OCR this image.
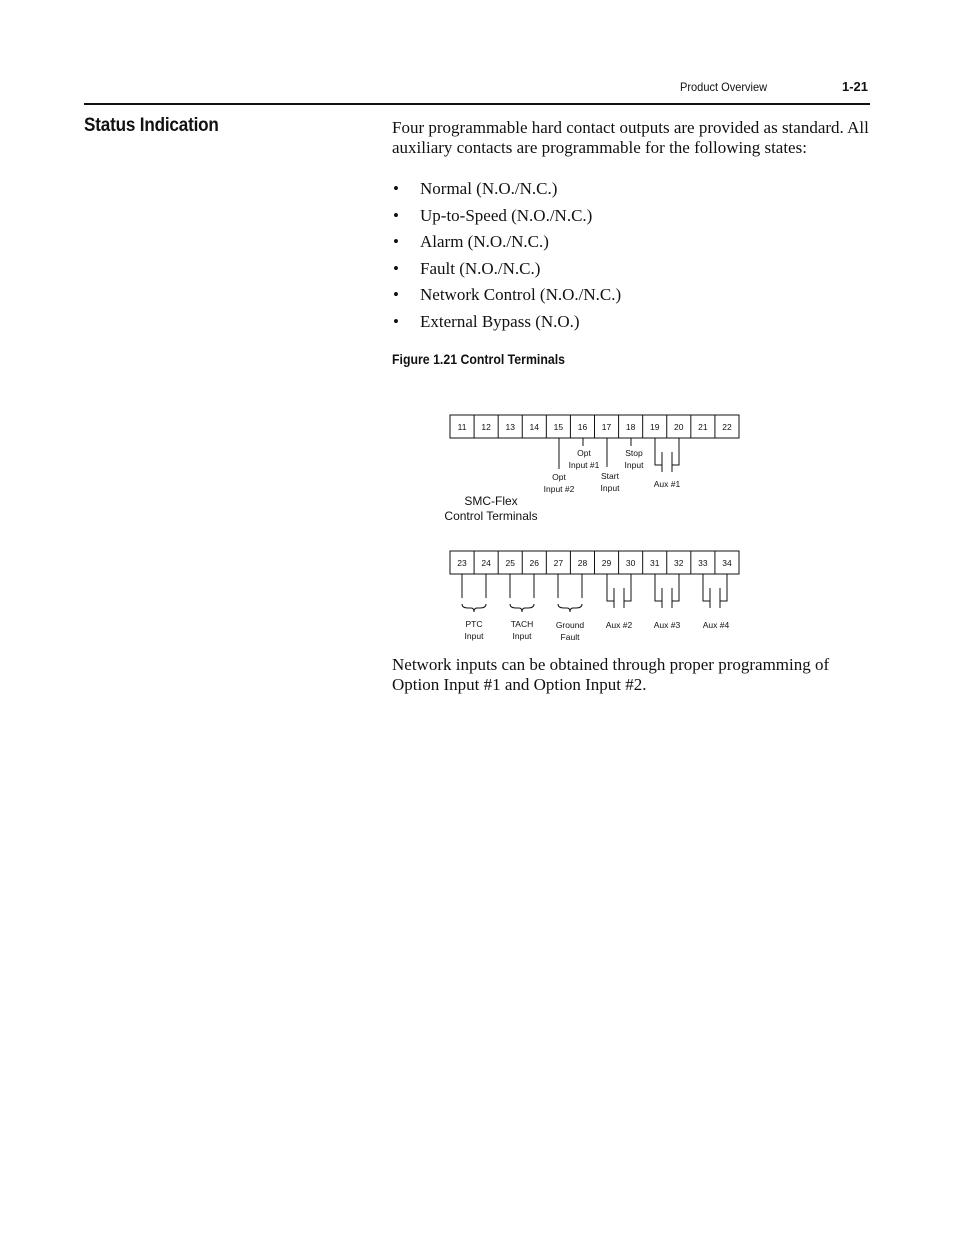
Product Overview	1-21
Status Indication	Four programmable hard contact outputs are provided as standard. All auxiliary contacts are programmable for the following states:
• Normal (N.O./N.C.)
• Up-to-Speed (N.O./N.C.)
• Alarm (N.O./N.C.)
• Fault (N.O./N.C.)
• Network Control (N.O./N.C.)
• External Bypass (N.O.)
Figure 1.21 Control Terminals
11 12 13 14 15 16 17 18 19 20 21 22
23 24 25 26 27 28 29 30 31 32 33 34
Opt
Input #1
Stop
Input
Opt
Input #2
Start
Input	Aux #1
PTC
Input
TACH
Input
Ground
Fault
Aux #2	Aux #3	Aux #4
SMC-Flex
Control Terminals
Network inputs can be obtained through proper programming of Option Input #1 and Option Input #2.
